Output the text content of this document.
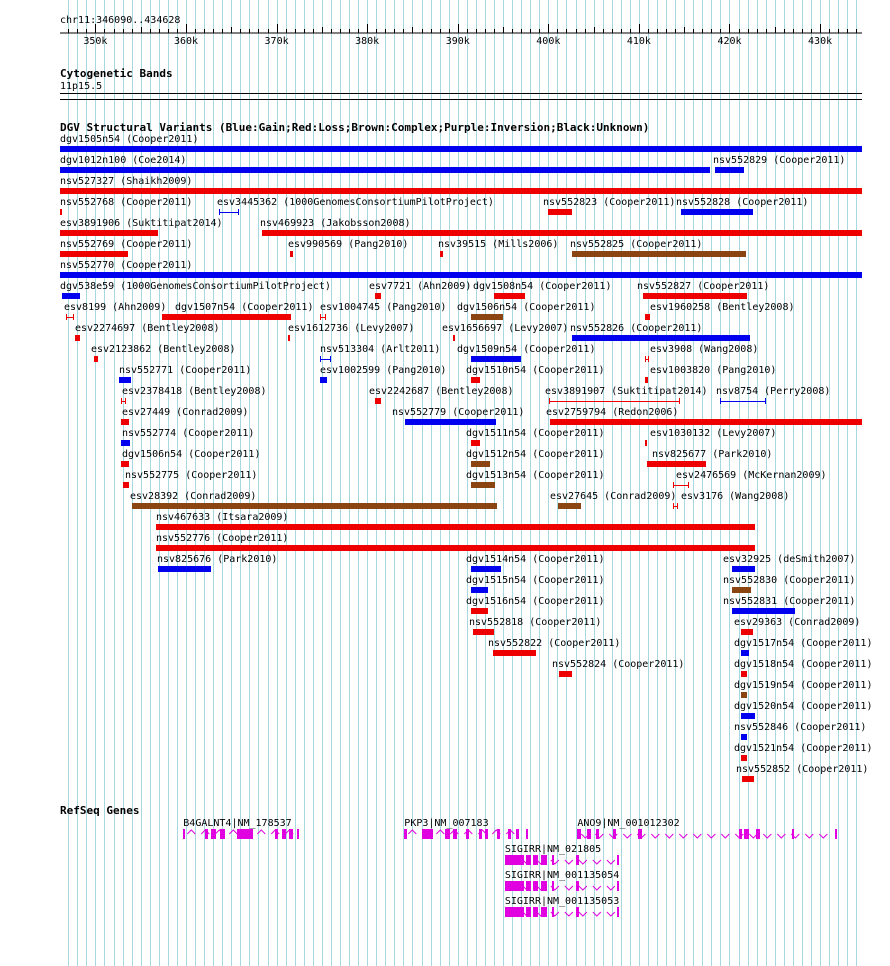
chr11:346090..434628
350k	360k	370k	380k	390k	400k	410k	420k	430k
Cytogenetic Bands
11p15.5
DGV Structural Variants (Blue:Gain;Red:Loss;Brown:Complex;Purple:Inversion;Black:Unknown)
dgv1505n54 (Cooper2011)
dgv1012n100 (Coe2014)	nsv552829 (Cooper2011)
nsv527327 (Shaikh2009)
nsv552768 (Cooper2011) esv3445362 (1000GenomesConsortiumPilotProject)	nsv552823 (Cooper2011) nsv552828 (Cooper2011)
esv3891906 (Suktitipat2014)	nsv469923 (Jakobsson2008)
nsv552769 (Cooper2011)	esv990569 (Pang2010)	nsv39515 (Mills2006) nsv552825 (Cooper2011)
nsv552770 (Cooper2011)
dgv538e59 (1000GenomesConsortiumPilotProject)	esv7721 (Ahn2009) dgv1508n54 (Cooper2011)	nsv552827 (Cooper2011)
esv8199 (Ahn2009) dgv1507n54 (Cooper2011) esv1004745 (Pang2010) dgv1506n54 (Cooper2011)	esv1960258 (Bentley2008)
esv2274697 (Bentley2008)	esv1612736 (Levy2007)	esv1656697 (Levy2007) nsv552826 (Cooper2011)
esv2123862 (Bentley2008)	nsv513304 (Arlt2011) dgv1509n54 (Cooper2011)	esv3908 (Wang2008)
nsv552771 (Cooper2011)	esv1002599 (Pang2010) dgv1510n54 (Cooper2011)	esv1003820 (Pang2010)
esv2378418 (Bentley2008)	esv2242687 (Bentley2008)	esv3891907 (Suktitipat2014) nsv8754 (Perry2008)
esv27449 (Conrad2009)	nsv552779 (Cooper2011) esv2759794 (Redon2006)
nsv552774 (Cooper2011)	dgv1511n54 (Cooper2011)	esv1030132 (Levy2007)
dgv1506n54 (Cooper2011)	dgv1512n54 (Cooper2011)	nsv825677 (Park2010)
nsv552775 (Cooper2011)	dgv1513n54 (Cooper2011)	esv2476569 (McKernan2009)
esv28392 (Conrad2009)	esv27645 (Conrad2009) esv3176 (Wang2008)
nsv467633 (Itsara2009)
nsv552776 (Cooper2011)
nsv825676 (Park2010)	dgv1514n54 (Cooper2011)	esv32925 (deSmith2007)
dgv1515n54 (Cooper2011)	nsv552830 (Cooper2011)
dgv1516n54 (Cooper2011)	nsv552831 (Cooper2011)
nsv552818 (Cooper2011)	esv29363 (Conrad2009)
nsv552822 (Cooper2011)	dgv1517n54 (Cooper2011)
nsv552824 (Cooper2011)	dgv1518n54 (Cooper2011)
dgv1519n54 (Cooper2011)
dgv1520n54 (Cooper2011)
nsv552846 (Cooper2011)
dgv1521n54 (Cooper2011)
nsv552852 (Cooper2011)
RefSeq Genes
B4GALNT4|NM_178537	PKP3|NM_007183	ANO9|NM_001012302
SIGIRR|NM_021805
SIGIRR|NM_001135054
SIGIRR|NM_001135053
